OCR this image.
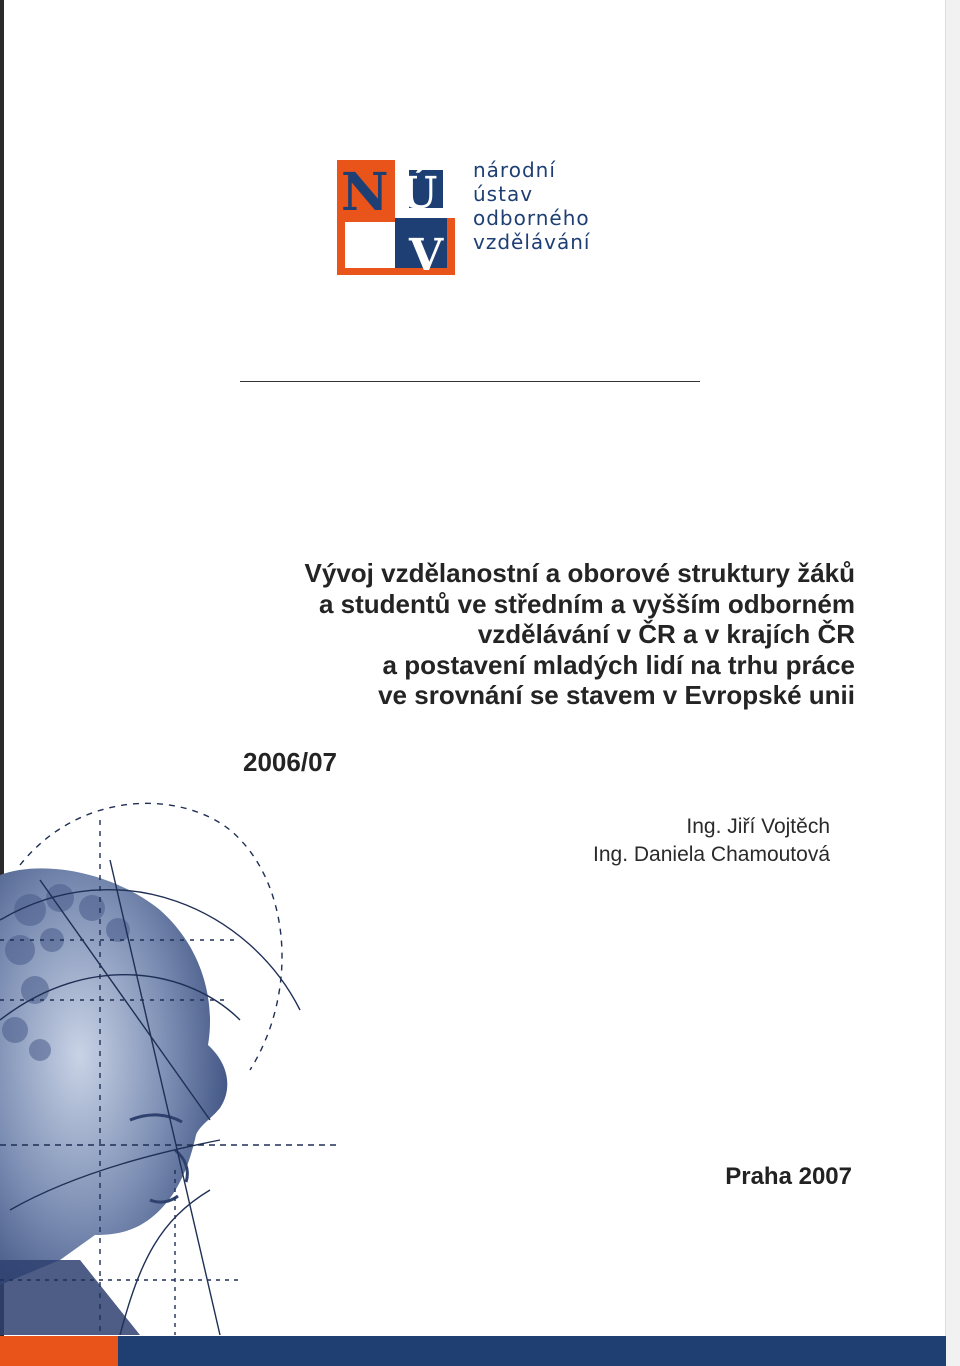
N Ú
V
národní
ústav
odborného
vzdělávání
Vývoj vzdělanostní a oborové struktury žáků
a studentů ve středním a vyšším odborném
vzdělávání v ČR a v krajích ČR
a postavení mladých lidí na trhu práce
ve srovnání se stavem v Evropské unii
2006/07
Ing. Jiří Vojtěch
Ing. Daniela Chamoutová
Praha 2007
